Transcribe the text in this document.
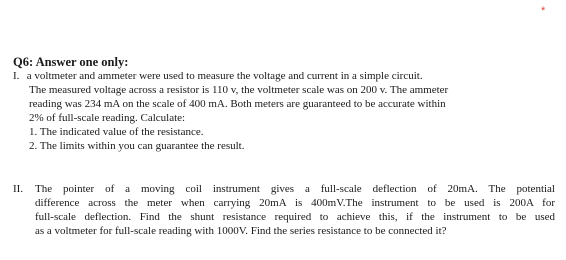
*
Q6: Answer one only:
I. a voltmeter and ammeter were used to measure the voltage and current in a simple circuit.
The measured voltage across a resistor is 110 v, the voltmeter scale was on 200 v. The ammeter
reading was 234 mA on the scale of 400 mA. Both meters are guaranteed to be accurate within
2% of full-scale reading. Calculate:
1. The indicated value of the resistance.
2. The limits within you can guarantee the result.
II. The pointer of a moving coil instrument gives a full-scale deflection of 20mA. The potential
difference across the meter when carrying 20mA is 400mV.The instrument to be used is 200A for
full-scale deflection. Find the shunt resistance required to achieve this, if the instrument to be used
as a voltmeter for full-scale reading with 1000V. Find the series resistance to be connected it?
